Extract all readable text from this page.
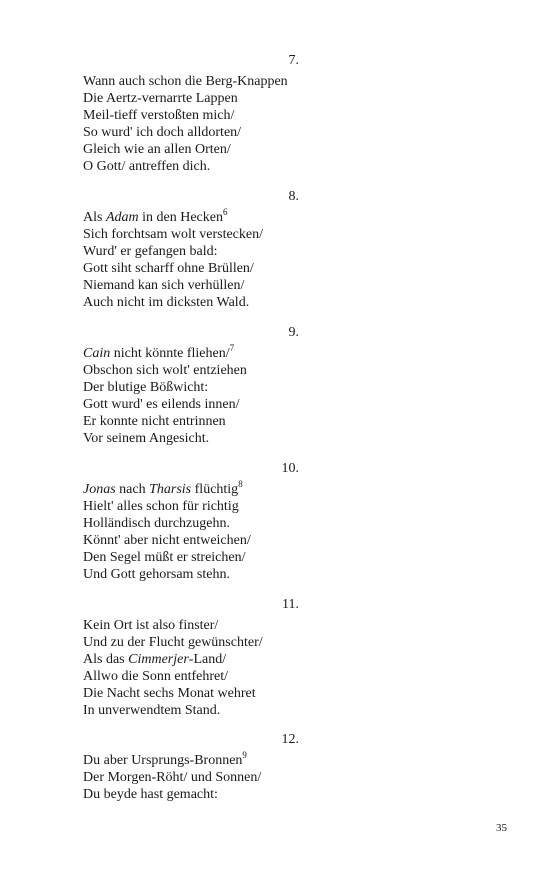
7.
Wann auch schon die Berg-Knappen
Die Aertz-vernarrte Lappen
Meil-tieff verstoßten mich/
So wurd' ich doch alldorten/
Gleich wie an allen Orten/
O Gott/ antreffen dich.
8.
Als Adam in den Hecken$^6$
Sich forchtsam wolt verstecken/
Wurd' er gefangen bald:
Gott siht scharff ohne Brüllen/
Niemand kan sich verhüllen/
Auch nicht im dicksten Wald.
9.
Cain nicht könnte fliehen/$^7$
Obschon sich wolt' entziehen
Der blutige Bößwicht:
Gott wurd' es eilends innen/
Er konnte nicht entrinnen
Vor seinem Angesicht.
10.
Jonas nach Tharsis flüchtig$^8$
Hielt' alles schon für richtig
Holländisch durchzugehn.
Könnt' aber nicht entweichen/
Den Segel müßt er streichen/
Und Gott gehorsam stehn.
11.
Kein Ort ist also finster/
Und zu der Flucht gewünschter/
Als das Cimmerjer-Land/
Allwo die Sonn entfehret/
Die Nacht sechs Monat wehret
In unverwendtem Stand.
12.
Du aber Ursprungs-Bronnen$^9$
Der Morgen-Röht/ und Sonnen/
Du beyde hast gemacht:
35
